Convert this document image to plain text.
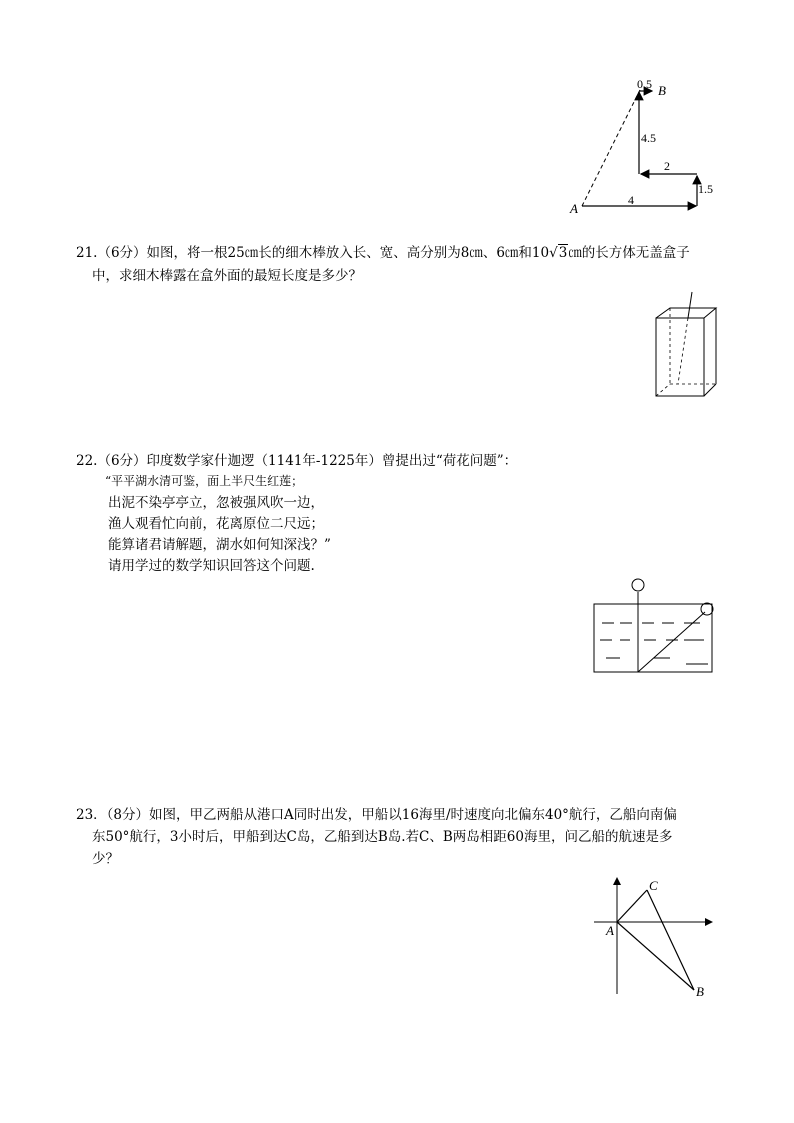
A
B
0.5
4.5
2
1.5
4
21.（6分）如图，将一根25㎝长的细木棒放入长、宽、高分别为8㎝、6㎝和10√3㎝的长方体无盖盒子
中，求细木棒露在盒外面的最短长度是多少？
22.（6分）印度数学家什迦逻（1141年-1225年）曾提出过“荷花问题”：
“平平湖水清可鉴，面上半尺生红莲；
出泥不染亭亭立，忽被强风吹一边，
渔人观看忙向前，花离原位二尺远；
能算诸君请解题，湖水如何知深浅？”
请用学过的数学知识回答这个问题.
23．（8分）如图，甲乙两船从港口A同时出发，甲船以16海里/时速度向北偏东40°航行，乙船向南偏
东50°航行，3小时后，甲船到达C岛，乙船到达B岛.若C、B两岛相距60海里，问乙船的航速是多
少？
A
C
B
